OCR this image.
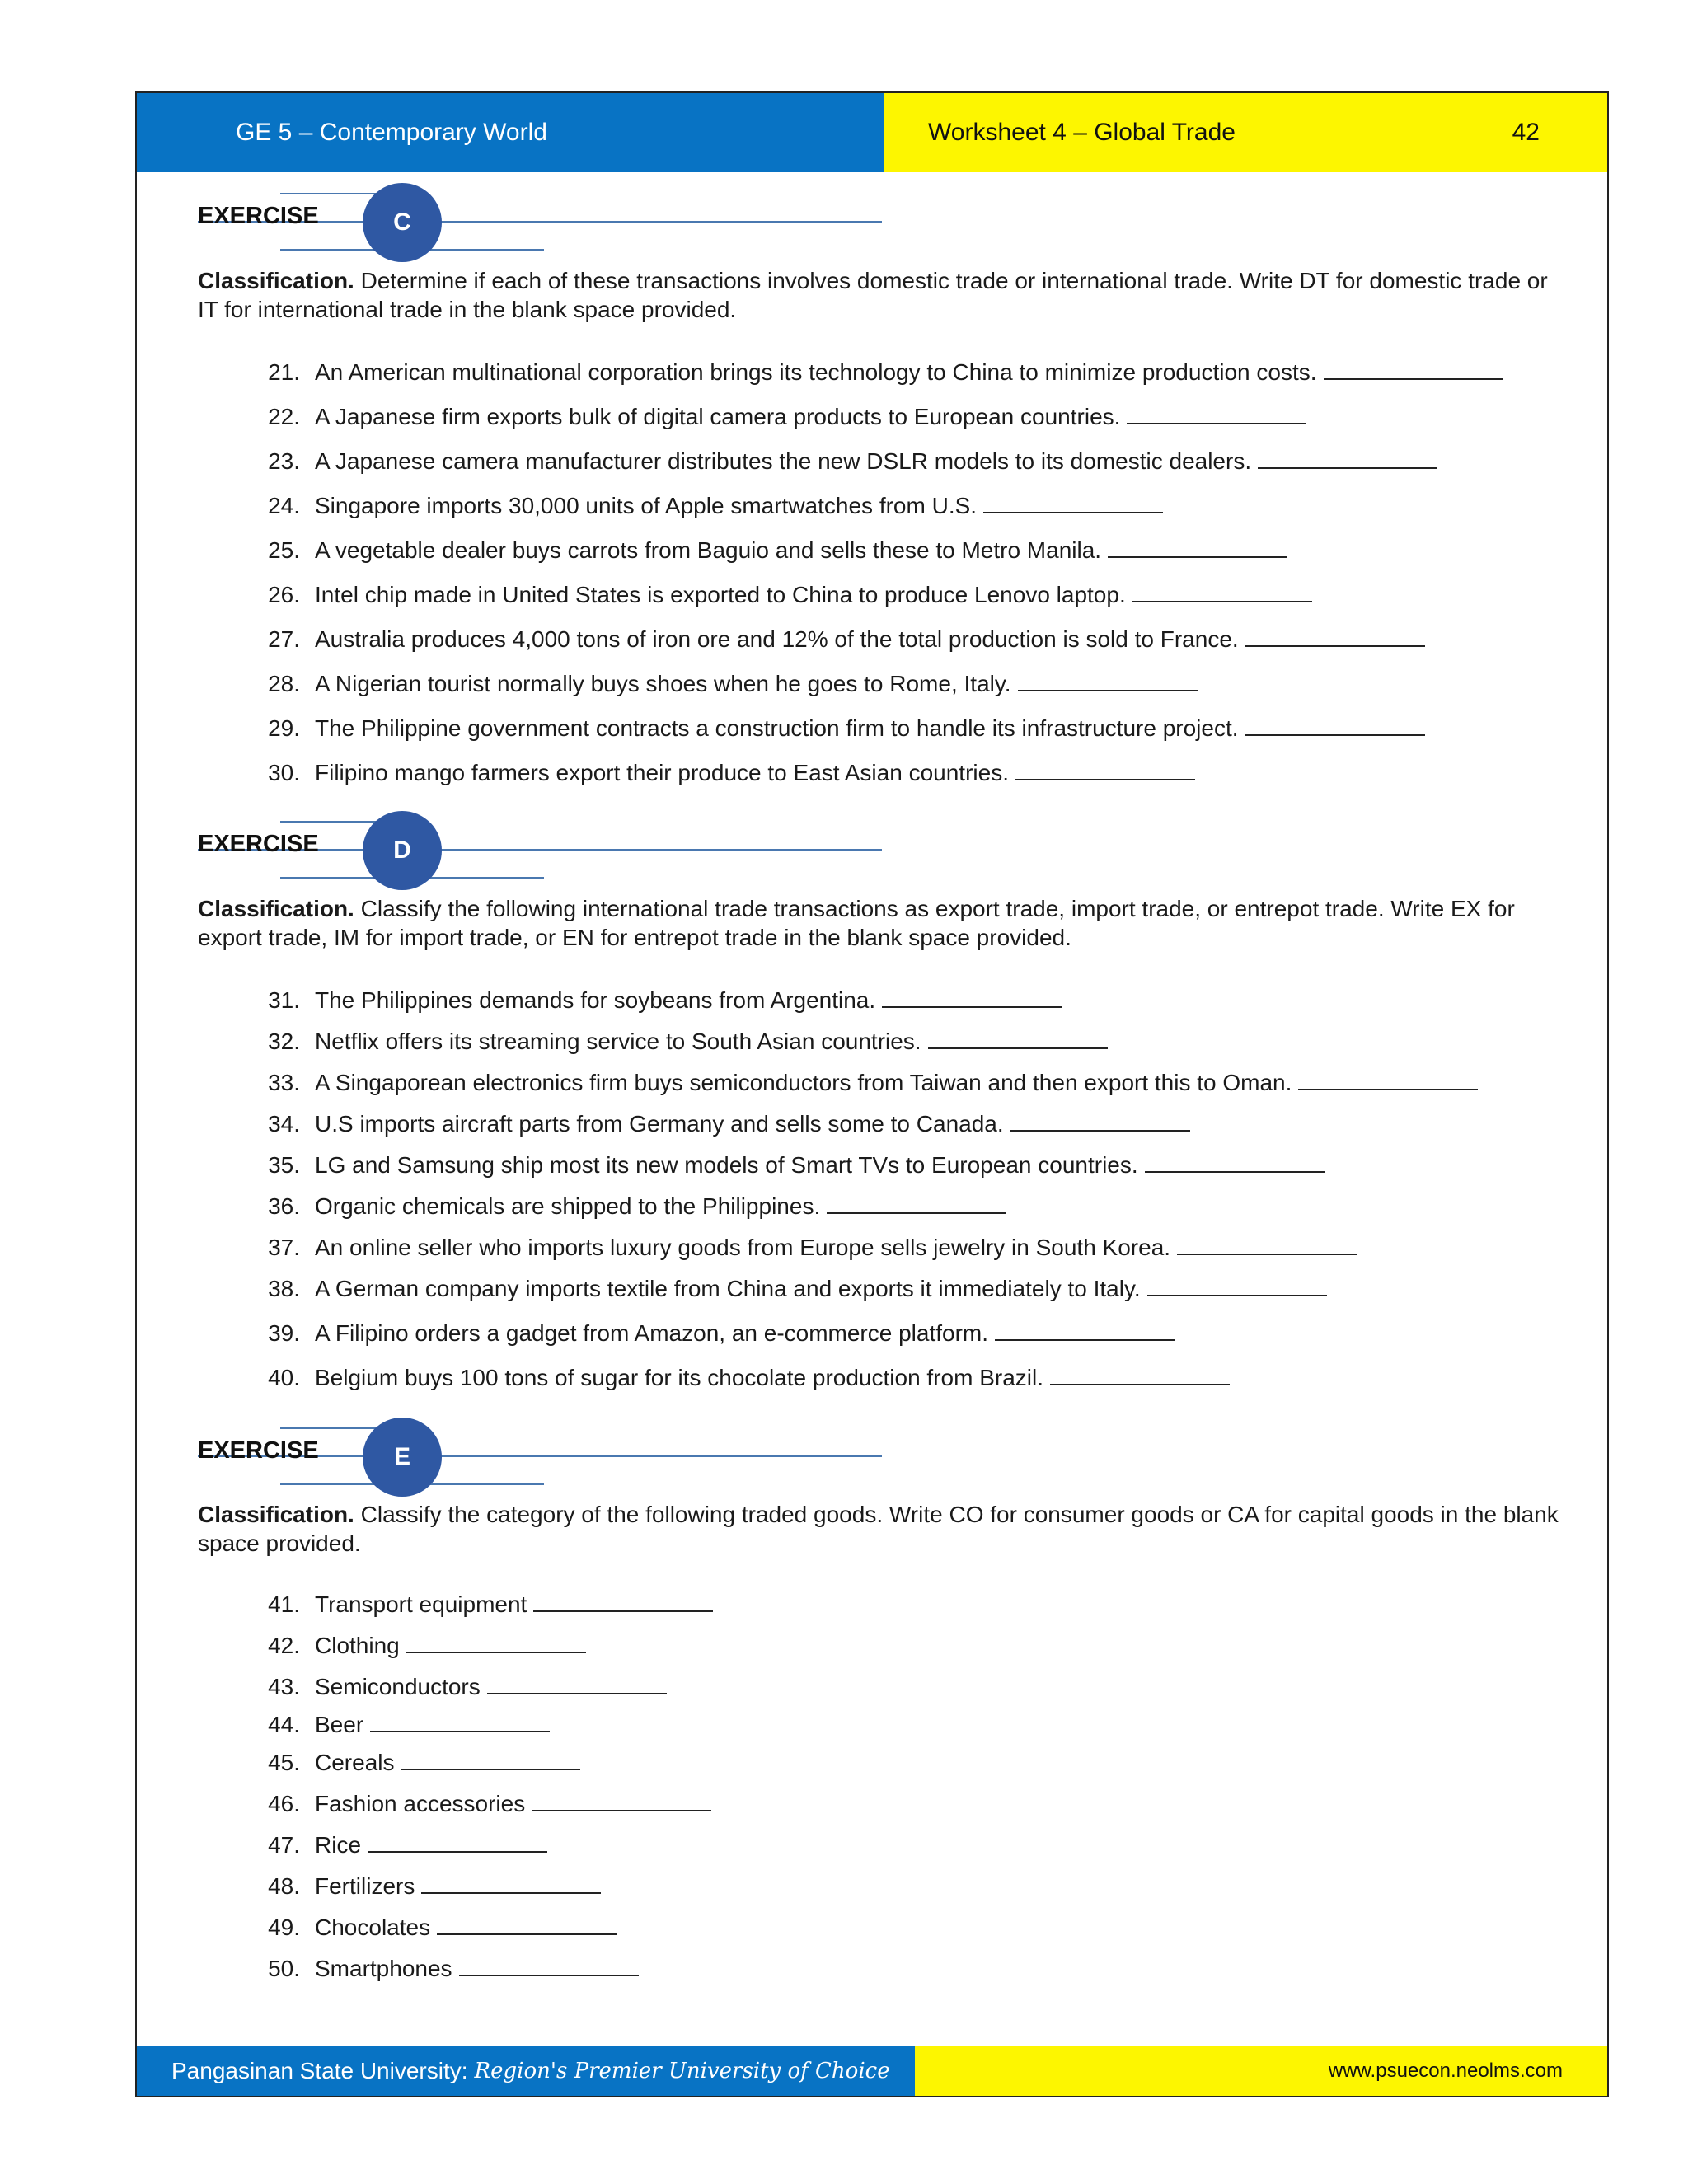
GE 5 – Contemporary World	Worksheet 4 – Global Trade	42
EXERCISE	C
Classification. Determine if each of these transactions involves domestic trade or international trade. Write DT for domestic trade or IT for international trade in the blank space provided.
21. An American multinational corporation brings its technology to China to minimize production costs.
22. A Japanese firm exports bulk of digital camera products to European countries.
23. A Japanese camera manufacturer distributes the new DSLR models to its domestic dealers.
24. Singapore imports 30,000 units of Apple smartwatches from U.S.
25. A vegetable dealer buys carrots from Baguio and sells these to Metro Manila.
26. Intel chip made in United States is exported to China to produce Lenovo laptop.
27. Australia produces 4,000 tons of iron ore and 12% of the total production is sold to France.
28. A Nigerian tourist normally buys shoes when he goes to Rome, Italy.
29. The Philippine government contracts a construction firm to handle its infrastructure project.
30. Filipino mango farmers export their produce to East Asian countries.
EXERCISE	D
Classification. Classify the following international trade transactions as export trade, import trade, or entrepot trade. Write EX for export trade, IM for import trade, or EN for entrepot trade in the blank space provided.
31. The Philippines demands for soybeans from Argentina.
32. Netflix offers its streaming service to South Asian countries.
33. A Singaporean electronics firm buys semiconductors from Taiwan and then export this to Oman.
34. U.S imports aircraft parts from Germany and sells some to Canada.
35. LG and Samsung ship most its new models of Smart TVs to European countries.
36. Organic chemicals are shipped to the Philippines.
37. An online seller who imports luxury goods from Europe sells jewelry in South Korea.
38. A German company imports textile from China and exports it immediately to Italy.
39. A Filipino orders a gadget from Amazon, an e-commerce platform.
40. Belgium buys 100 tons of sugar for its chocolate production from Brazil.
EXERCISE	E
Classification. Classify the category of the following traded goods. Write CO for consumer goods or CA for capital goods in the blank space provided.
41. Transport equipment
42. Clothing
43. Semiconductors
44. Beer
45. Cereals
46. Fashion accessories
47. Rice
48. Fertilizers
49. Chocolates
50. Smartphones
Pangasinan State University: Region's Premier University of Choice	www.psuecon.neolms.com
